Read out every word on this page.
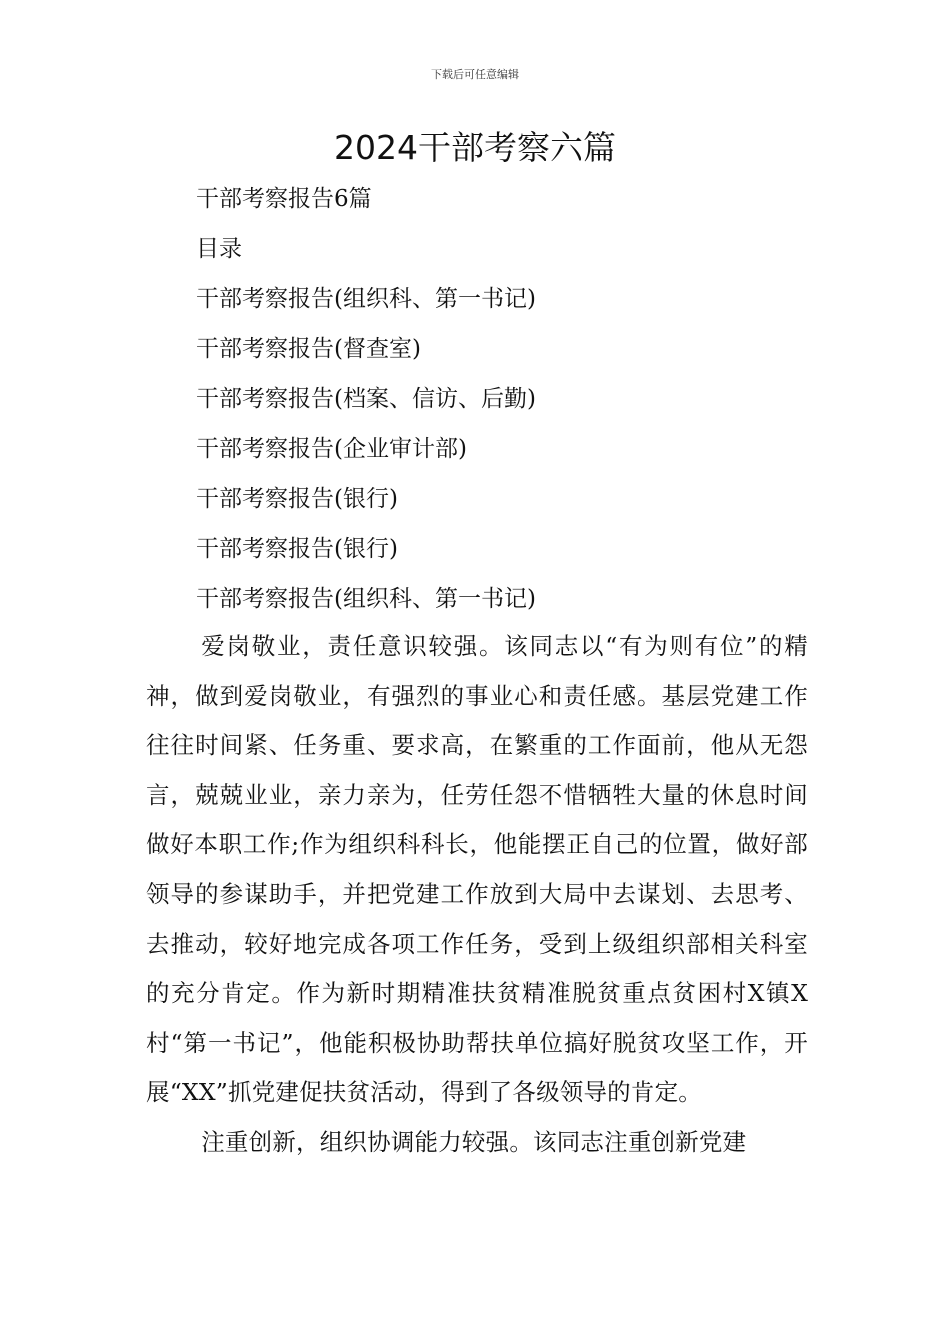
下载后可任意编辑
2024干部考察六篇
干部考察报告6篇
目录
干部考察报告(组织科、第一书记)
干部考察报告(督查室)
干部考察报告(档案、信访、后勤)
干部考察报告(企业审计部)
干部考察报告(银行)
干部考察报告(银行)
干部考察报告(组织科、第一书记)

爱岗敬业，责任意识较强。该同志以“有为则有位”的精神，做到爱岗敬业，有强烈的事业心和责任感。基层党建工作往往时间紧、任务重、要求高，在繁重的工作面前，他从无怨言，兢兢业业，亲力亲为，任劳任怨不惜牺牲大量的休息时间做好本职工作;作为组织科科长，他能摆正自己的位置，做好部领导的参谋助手，并把党建工作放到大局中去谋划、去思考、去推动，较好地完成各项工作任务，受到上级组织部相关科室的充分肯定。作为新时期精准扶贫精准脱贫重点贫困村X镇X村“第一书记”，他能积极协助帮扶单位搞好脱贫攻坚工作，开展“XX”抓党建促扶贫活动，得到了各级领导的肯定。

注重创新，组织协调能力较强。该同志注重创新党建
